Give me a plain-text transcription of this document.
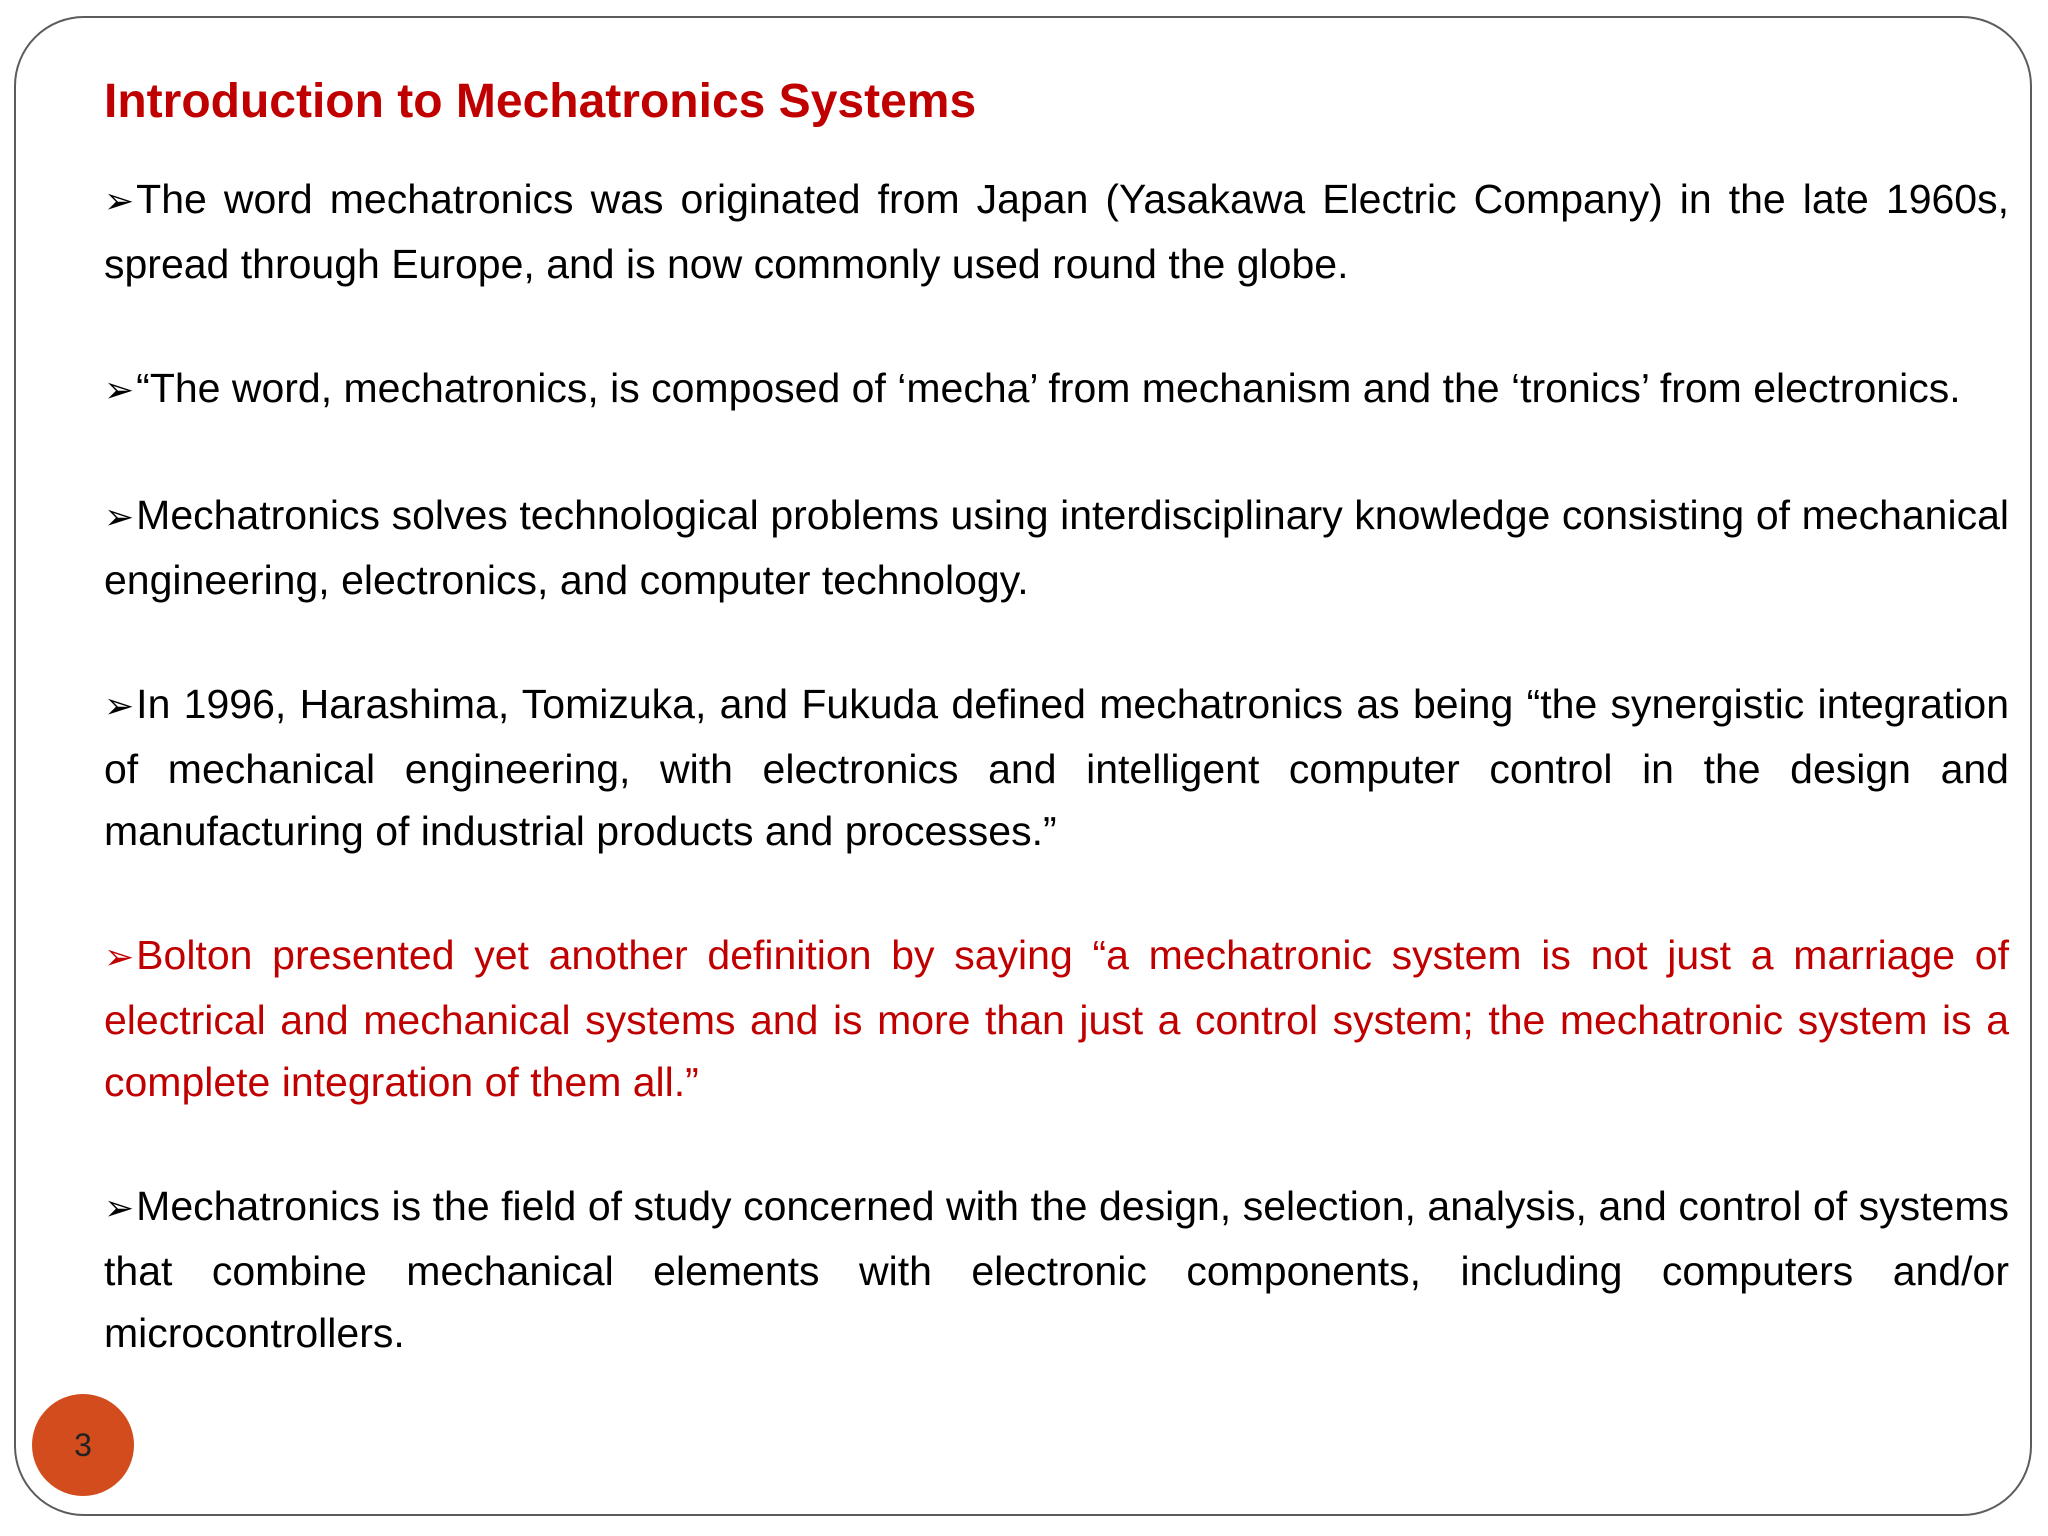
Introduction to Mechatronics Systems
➢The word mechatronics was originated from Japan (Yasakawa Electric Company) in the late 1960s, spread through Europe, and is now commonly used round the globe.
➢“The word, mechatronics, is composed of ‘mecha’ from mechanism and the ‘tronics’ from electronics.
➢Mechatronics solves technological problems using interdisciplinary knowledge consisting of mechanical engineering, electronics, and computer technology.
➢In 1996, Harashima, Tomizuka, and Fukuda defined mechatronics as being “the synergistic integration of mechanical engineering, with electronics and intelligent computer control in the design and manufacturing of industrial products and processes.”
➢Bolton presented yet another definition by saying “a mechatronic system is not just a marriage of electrical and mechanical systems and is more than just a control system; the mechatronic system is a complete integration of them all.”
➢Mechatronics is the field of study concerned with the design, selection, analysis, and control of systems that combine mechanical elements with electronic components, including computers and/or microcontrollers.
3
